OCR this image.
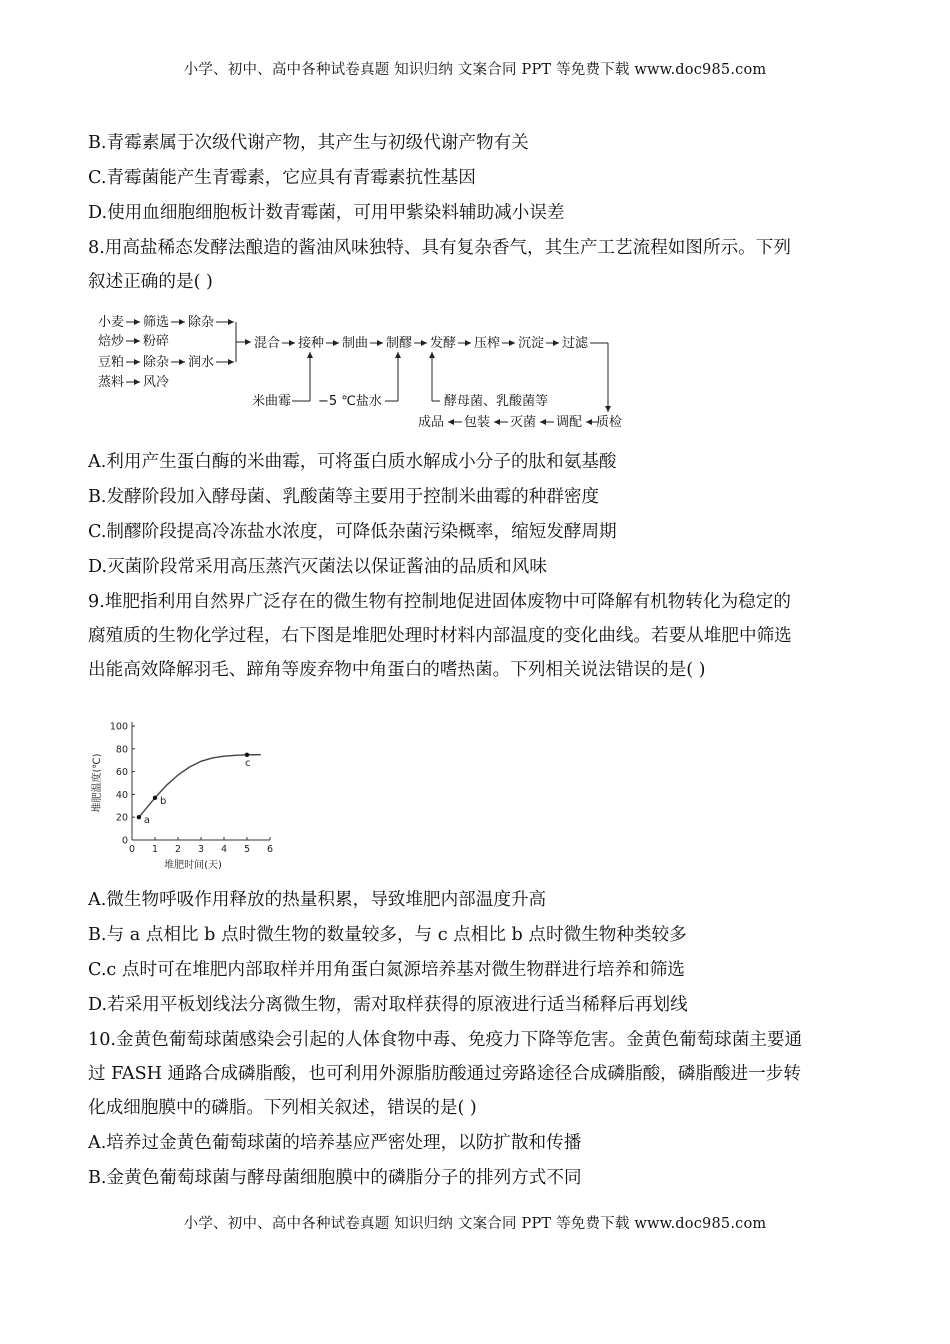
小学、初中、高中各种试卷真题 知识归纳 文案合同 PPT 等免费下载 www.doc985.com
B.青霉素属于次级代谢产物，其产生与初级代谢产物有关
C.青霉菌能产生青霉素，它应具有青霉素抗性基因
D.使用血细胞细胞板计数青霉菌，可用甲紫染料辅助减小误差
8.用高盐稀态发酵法酿造的酱油风味独特、具有复杂香气，其生产工艺流程如图所示。下列
叙述正确的是( )
小麦 筛选 除杂
焙炒 粉碎
豆粕 除杂 润水
蒸料 风冷
混合 接种 制曲 制醪 发酵 压榨 沉淀 过滤
米曲霉 −5 ℃盐水	酵母菌、乳酸菌等
成品 包装 灭菌 调配 质检
A.利用产生蛋白酶的米曲霉，可将蛋白质水解成小分子的肽和氨基酸
B.发酵阶段加入酵母菌、乳酸菌等主要用于控制米曲霉的种群密度
C.制醪阶段提高冷冻盐水浓度，可降低杂菌污染概率，缩短发酵周期
D.灭菌阶段常采用高压蒸汽灭菌法以保证酱油的品质和风味
9.堆肥指利用自然界广泛存在的微生物有控制地促进固体废物中可降解有机物转化为稳定的
腐殖质的生物化学过程，右下图是堆肥处理时材料内部温度的变化曲线。若要从堆肥中筛选
出能高效降解羽毛、蹄角等废弃物中角蛋白的嗜热菌。下列相关说法错误的是( )
0 1 2 3 4 5 6
0
20
40
60
80
100
a
b
c
堆肥温度(℃)
堆肥时间(天)
A.微生物呼吸作用释放的热量积累，导致堆肥内部温度升高
B.与 a 点相比 b 点时微生物的数量较多，与 c 点相比 b 点时微生物种类较多
C.c 点时可在堆肥内部取样并用角蛋白氮源培养基对微生物群进行培养和筛选
D.若采用平板划线法分离微生物，需对取样获得的原液进行适当稀释后再划线
10.金黄色葡萄球菌感染会引起的人体食物中毒、免疫力下降等危害。金黄色葡萄球菌主要通
过 FASH 通路合成磷脂酸，也可利用外源脂肪酸通过旁路途径合成磷脂酸，磷脂酸进一步转
化成细胞膜中的磷脂。下列相关叙述，错误的是( )
A.培养过金黄色葡萄球菌的培养基应严密处理，以防扩散和传播
B.金黄色葡萄球菌与酵母菌细胞膜中的磷脂分子的排列方式不同
小学、初中、高中各种试卷真题 知识归纳 文案合同 PPT 等免费下载 www.doc985.com
